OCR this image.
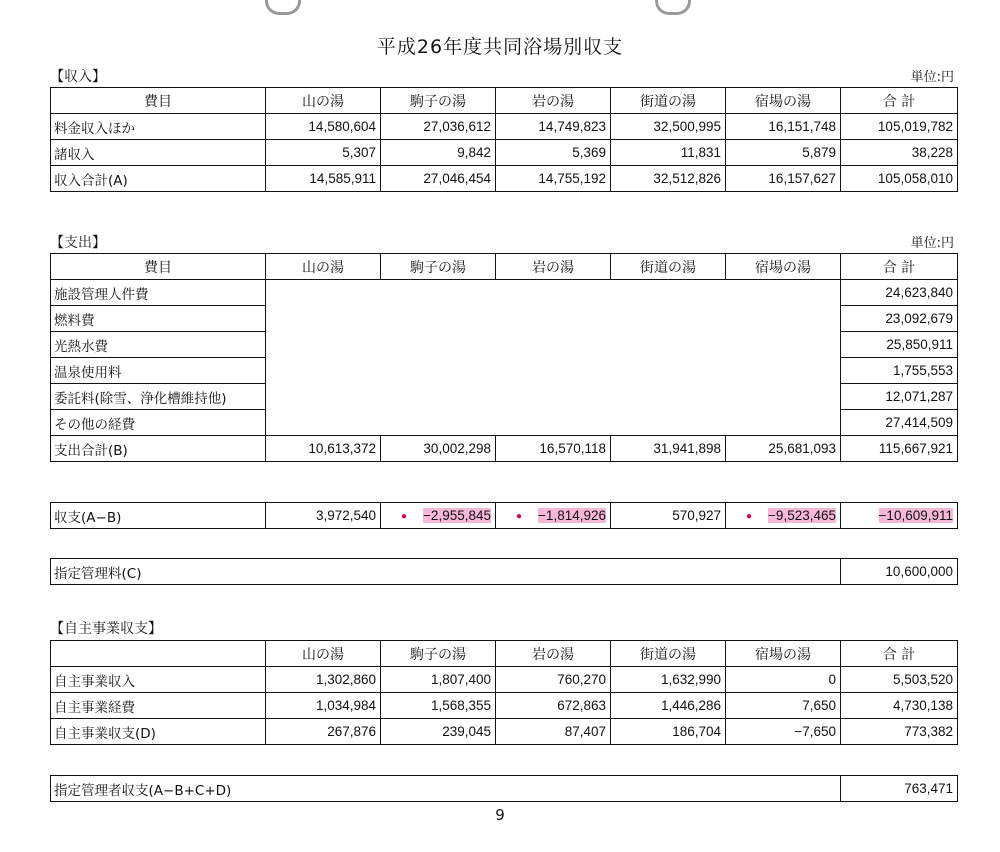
平成26年度共同浴場別収支
【収入】	単位:円
費目	山の湯	駒子の湯	岩の湯	街道の湯	宿場の湯	合 計
料金収入ほか	14,580,604	27,036,612	14,749,823	32,500,995	16,151,748	105,019,782
諸収入	5,307	9,842	5,369	11,831	5,879	38,228
収入合計(A)	14,585,911	27,046,454	14,755,192	32,512,826	16,157,627	105,058,010
【支出】	単位:円
費目	山の湯	駒子の湯	岩の湯	街道の湯	宿場の湯	合 計
施設管理人件費						24,623,840
燃料費						23,092,679
光熱水費						25,850,911
温泉使用料						1,755,553
委託料(除雪、浄化槽維持他)						12,071,287
その他の経費						27,414,509
支出合計(B)	10,613,372	30,002,298	16,570,118	31,941,898	25,681,093	115,667,921
収支(A−B)	3,972,540	● −2,955,845	● −1,814,926	570,927	● −9,523,465	−10,609,911
指定管理料(C)	10,600,000
【自主事業収支】
	山の湯	駒子の湯	岩の湯	街道の湯	宿場の湯	合 計
自主事業収入	1,302,860	1,807,400	760,270	1,632,990	0	5,503,520
自主事業経費	1,034,984	1,568,355	672,863	1,446,286	7,650	4,730,138
自主事業収支(D)	267,876	239,045	87,407	186,704	−7,650	773,382
指定管理者収支(A−B+C+D)	763,471
9
